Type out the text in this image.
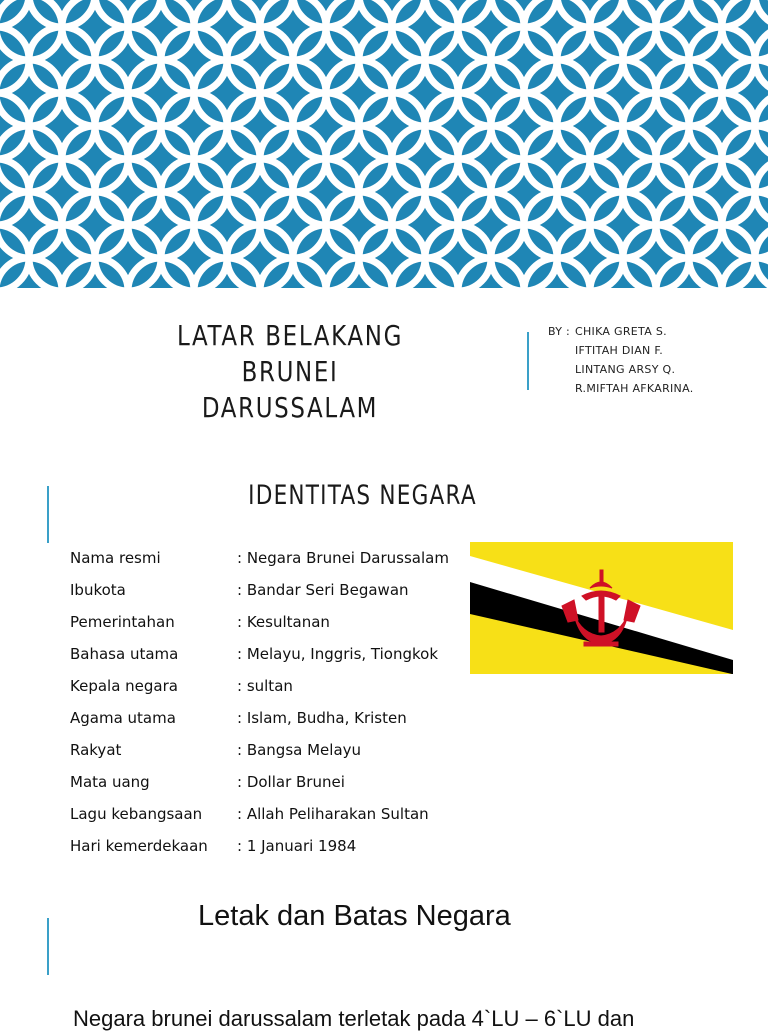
LATAR BELAKANG
BRUNEI DARUSSALAM
BY : CHIKA GRETA S.
IFTITAH DIAN F.
LINTANG ARSY Q.
R.MIFTAH AFKARINA.
IDENTITAS NEGARA
Nama resmi	: Negara Brunei Darussalam
Ibukota	: Bandar Seri Begawan
Pemerintahan	: Kesultanan
Bahasa utama	: Melayu, Inggris, Tiongkok
Kepala negara	: sultan
Agama utama	: Islam, Budha, Kristen
Rakyat	: Bangsa Melayu
Mata uang	: Dollar Brunei
Lagu kebangsaan	: Allah Peliharakan Sultan
Hari kemerdekaan	: 1 Januari 1984
Letak dan Batas Negara
Negara brunei darussalam terletak pada 4`LU – 6`LU dan
